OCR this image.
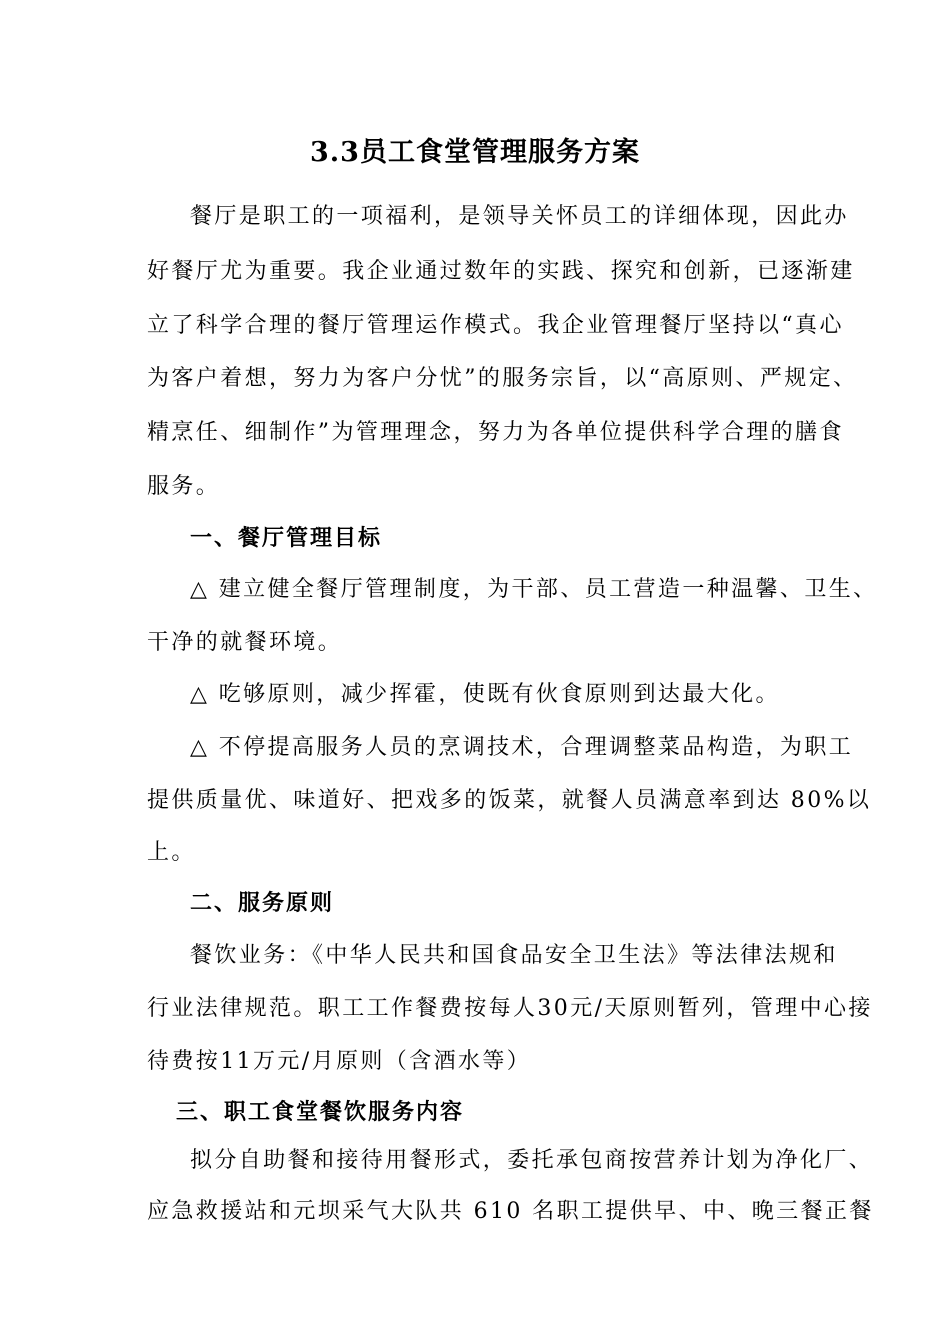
3.3员工食堂管理服务方案
餐厅是职工的一项福利，是领导关怀员工的详细体现，因此办
好餐厅尤为重要。我企业通过数年的实践、探究和创新，已逐渐建
立了科学合理的餐厅管理运作模式。我企业管理餐厅坚持以“真心
为客户着想，努力为客户分忧”的服务宗旨，以“高原则、严规定、
精烹任、细制作”为管理理念，努力为各单位提供科学合理的膳食
服务。
一、餐厅管理目标
△ 建立健全餐厅管理制度，为干部、员工营造一种温馨、卫生、
干净的就餐环境。
△ 吃够原则，减少挥霍，使既有伙食原则到达最大化。
△ 不停提高服务人员的烹调技术，合理调整菜品构造，为职工
提供质量优、味道好、把戏多的饭菜，就餐人员满意率到达 80%以
上。
二、服务原则
餐饮业务：《中华人民共和国食品安全卫生法》等法律法规和
行业法律规范。职工工作餐费按每人30元/天原则暂列，管理中心接
待费按11万元/月原则（含酒水等）
三、职工食堂餐饮服务内容
拟分自助餐和接待用餐形式，委托承包商按营养计划为净化厂、
应急救援站和元坝采气大队共 610 名职工提供早、中、晚三餐正餐
